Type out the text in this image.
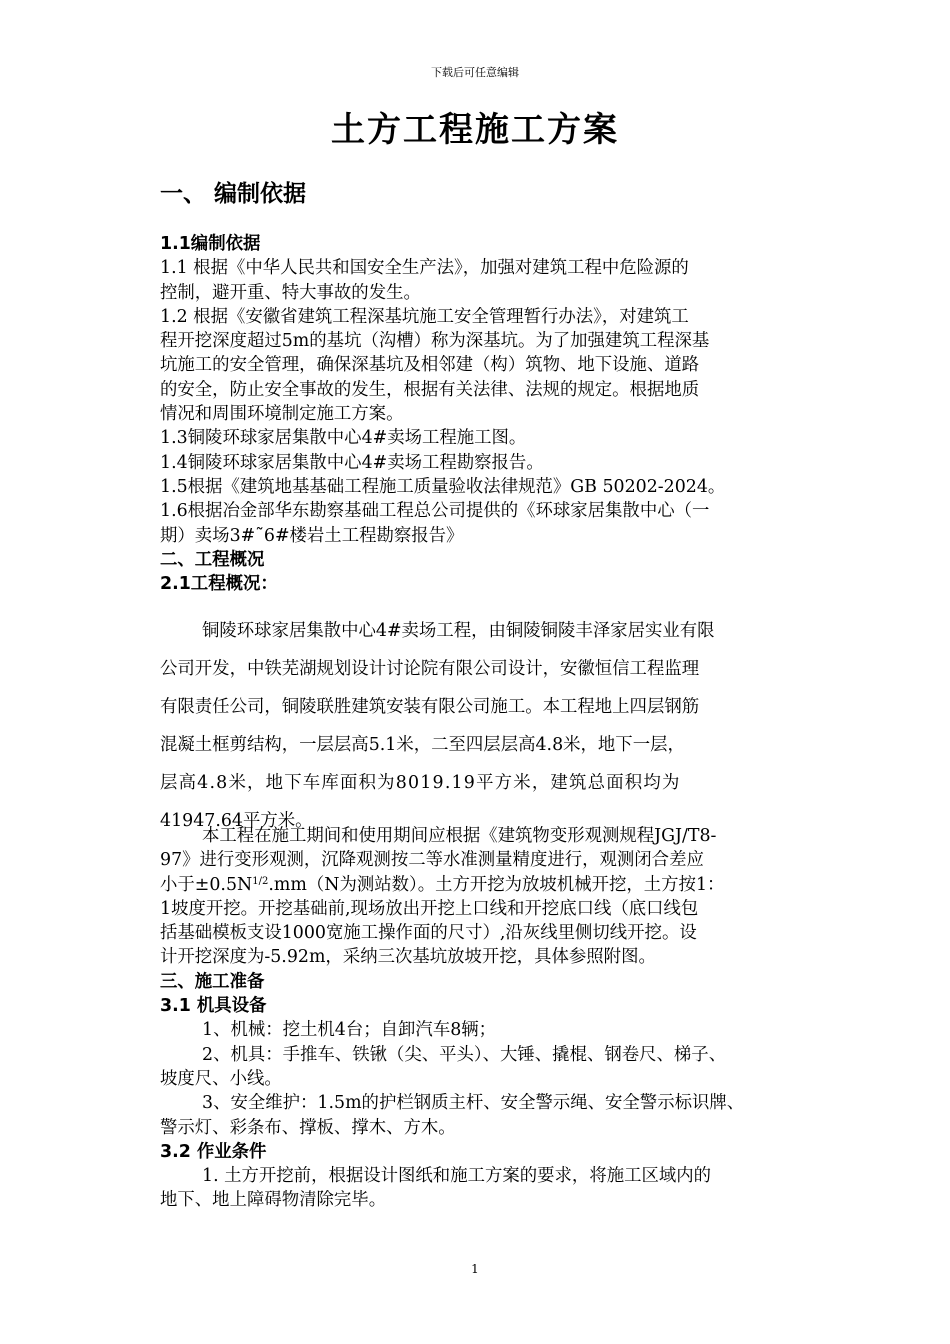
下载后可任意编辑
土方工程施工方案
一、 编制依据
1.1编制依据
1.1 根据《中华人民共和国安全生产法》，加强对建筑工程中危险源的
控制，避开重、特大事故的发生。
1.2 根据《安徽省建筑工程深基坑施工安全管理暂行办法》，对建筑工
程开挖深度超过5m的基坑（沟槽）称为深基坑。为了加强建筑工程深基
坑施工的安全管理，确保深基坑及相邻建（构）筑物、地下设施、道路
的安全，防止安全事故的发生，根据有关法律、法规的规定。根据地质
情况和周围环境制定施工方案。
1.3铜陵环球家居集散中心4#卖场工程施工图。
1.4铜陵环球家居集散中心4#卖场工程勘察报告。
1.5根据《建筑地基基础工程施工质量验收法律规范》GB 50202-2024。
1.6根据冶金部华东勘察基础工程总公司提供的《环球家居集散中心（一
期）卖场3#˜6#楼岩土工程勘察报告》
二、工程概况
2.1工程概况：
铜陵环球家居集散中心4#卖场工程，由铜陵铜陵丰泽家居实业有限
公司开发，中铁芜湖规划设计讨论院有限公司设计，安徽恒信工程监理
有限责任公司，铜陵联胜建筑安装有限公司施工。本工程地上四层钢筋
混凝土框剪结构，一层层高5.1米，二至四层层高4.8米，地下一层，
层高4.8米，地下车库面积为8019.19平方米，建筑总面积均为
41947.64平方米。
本工程在施工期间和使用期间应根据《建筑物变形观测规程JGJ/T8-
97》进行变形观测，沉降观测按二等水准测量精度进行，观测闭合差应
小于$\pm 0.5N^{1/2}.mm(N$为测站数）。土方开挖为放坡机械开挖，土方按1：
1坡度开挖。开挖基础前,现场放出开挖上口线和开挖底口线（底口线包
括基础模板支设1000宽施工操作面的尺寸）,沿灰线里侧切线开挖。设
计开挖深度为-5.92m，采纳三次基坑放坡开挖，具体参照附图。
三、施工准备
3.1 机具设备
1、机械：挖土机4台；自卸汽车8辆；
2、机具：手推车、铁锹（尖、平头）、大锤、撬棍、钢卷尺、梯子、
坡度尺、小线。
3、安全维护：1.5m的护栏钢质主杆、安全警示绳、安全警示标识牌、
警示灯、彩条布、撑板、撑木、方木。
3.2 作业条件
1. 土方开挖前，根据设计图纸和施工方案的要求，将施工区域内的
地下、地上障碍物清除完毕。
1
